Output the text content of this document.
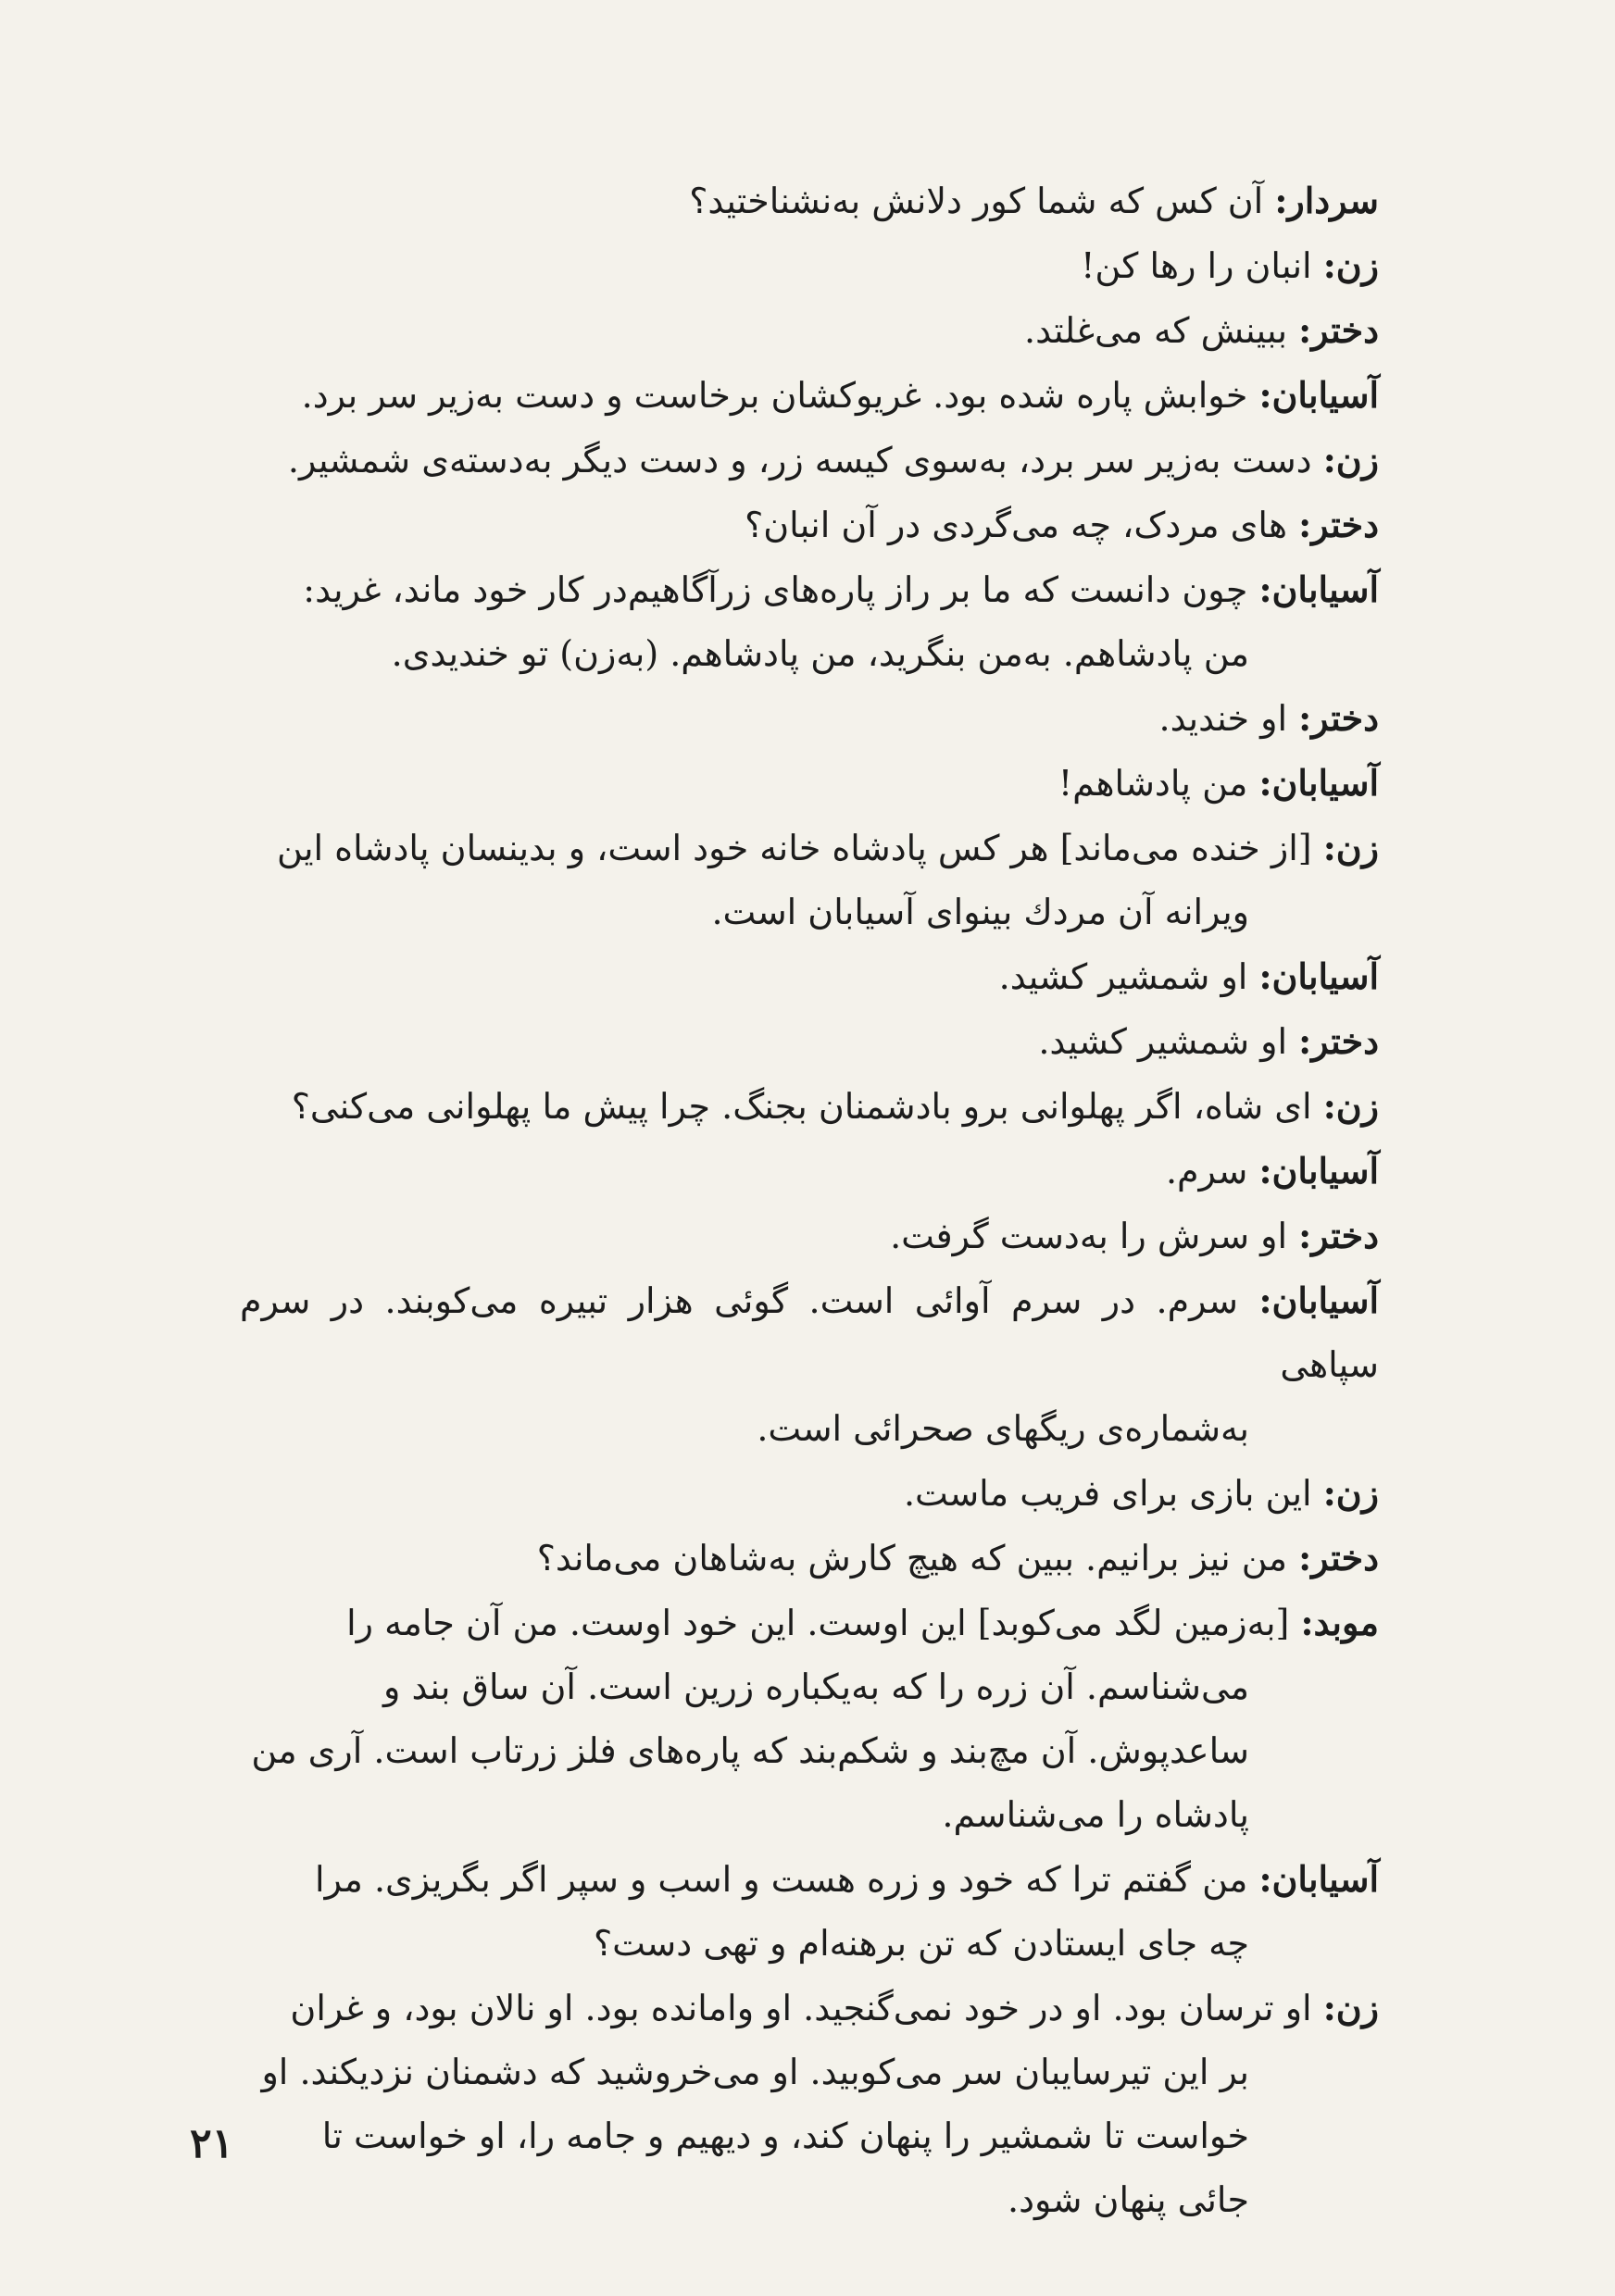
سردار: آن کس که شما کور دلانش به‌نشناختید؟
زن: انبان را رها کن!
دختر: ببینش که می‌غلتد.
آسیابان: خوابش پاره شده بود. غریوکشان برخاست و دست به‌زیر سر برد.
زن: دست به‌زیر سر برد، به‌سوی کیسه زر، و دست دیگر به‌دسته‌ی شمشیر.
دختر: های مردک، چه می‌گردی در آن انبان؟
آسیابان: چون دانست که ما بر راز پاره‌های زرآگاهیم‌در کار خود ماند، غرید:
من پادشاهم. به‌من بنگرید، من پادشاهم. (به‌زن) تو خندیدی.
دختر: او خندید.
آسیابان: من پادشاهم!
زن: [از خنده می‌ماند] هر کس پادشاه خانه خود است، و بدینسان پادشاه این
ویرانه آن مردك بینوای آسیابان است.
آسیابان: او شمشیر کشید.
دختر: او شمشیر کشید.
زن: ای شاه، اگر پهلوانی برو بادشمنان بجنگ. چرا پیش ما پهلوانی می‌کنی؟
آسیابان: سرم.
دختر: او سرش را به‌دست گرفت.
آسیابان: سرم. در سرم آوائی است. گوئی هزار تبیره می‌کوبند. در سرم سپاهی
به‌شماره‌ی ریگهای صحرائی است.
زن: این بازی برای فریب ماست.
دختر: من نیز برانیم. ببین که هیچ کارش به‌شاهان می‌ماند؟
موبد: [به‌زمین لگد می‌کوبد] این اوست. این خود اوست. من آن جامه را
می‌شناسم. آن زره را که به‌یکباره زرین است. آن ساق بند و
ساعدپوش. آن مچ‌بند و شکم‌بند که پاره‌های فلز زرتاب است. آری من
پادشاه را می‌شناسم.
آسیابان: من گفتم ترا که خود و زره هست و اسب و سپر اگر بگریزی. مرا
چه جای ایستادن که تن برهنه‌ام و تهی دست؟
زن: او ترسان بود. او در خود نمی‌گنجید. او وامانده بود. او نالان بود، و غران
بر این تیرسایبان سر می‌کوبید. او می‌خروشید که دشمنان نزدیکند. او
خواست تا شمشیر را پنهان کند، و دیهیم و جامه را، او خواست تا
جائی پنهان شود.
۲۱
